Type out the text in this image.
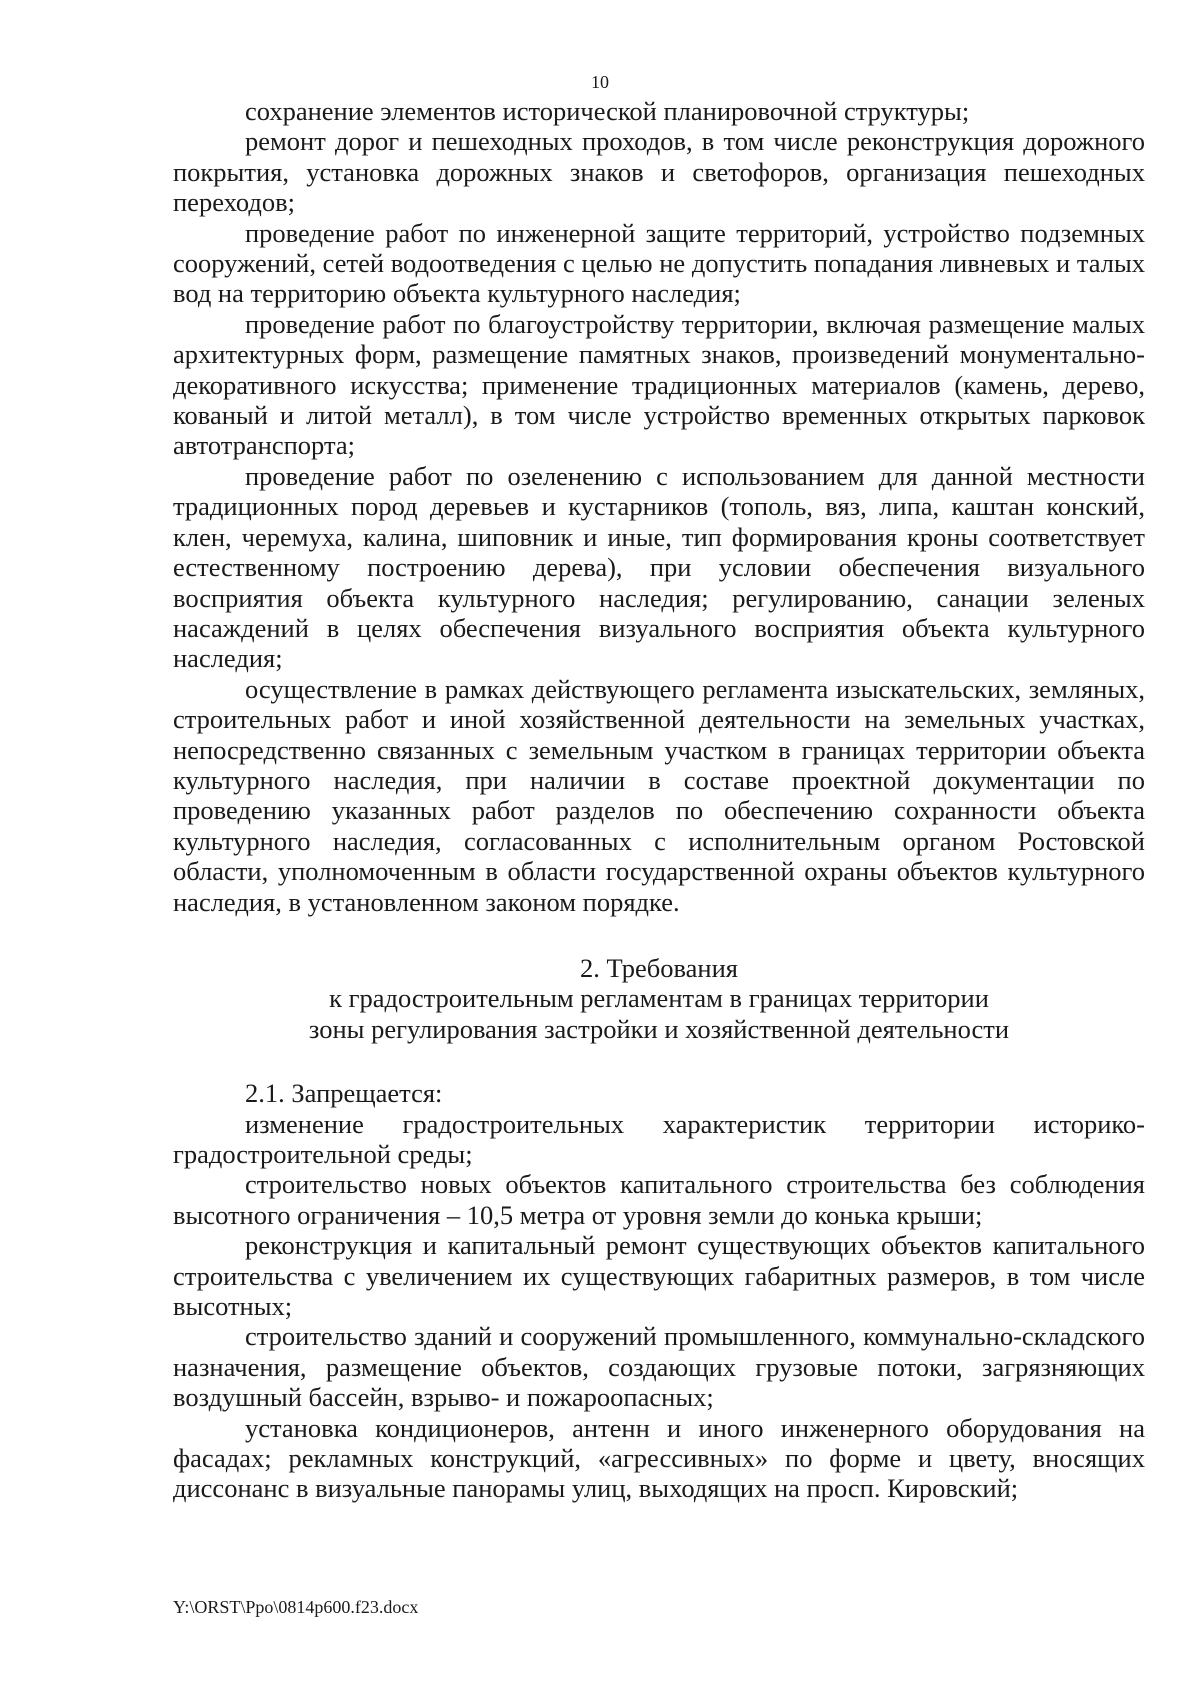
10

сохранение элементов исторической планировочной структуры;

ремонт дорог и пешеходных проходов, в том числе реконструкция дорожного покрытия, установка дорожных знаков и светофоров, организация пешеходных переходов;

проведение работ по инженерной защите территорий, устройство подземных сооружений, сетей водоотведения с целью не допустить попадания ливневых и талых вод на территорию объекта культурного наследия;

проведение работ по благоустройству территории, включая размещение малых архитектурных форм, размещение памятных знаков, произведений монументально-декоративного искусства; применение традиционных материалов (камень, дерево, кованый и литой металл), в том числе устройство временных открытых парковок автотранспорта;

проведение работ по озеленению с использованием для данной местности традиционных пород деревьев и кустарников (тополь, вяз, липа, каштан конский, клен, черемуха, калина, шиповник и иные, тип формирования кроны соответствует естественному построению дерева), при условии обеспечения визуального восприятия объекта культурного наследия; регулированию, санации зеленых насаждений в целях обеспечения визуального восприятия объекта культурного наследия;

осуществление в рамках действующего регламента изыскательских, земляных, строительных работ и иной хозяйственной деятельности на земельных участках, непосредственно связанных с земельным участком в границах территории объекта культурного наследия, при наличии в составе проектной документации по проведению указанных работ разделов по обеспечению сохранности объекта культурного наследия, согласованных с исполнительным органом Ростовской области, уполномоченным в области государственной охраны объектов культурного наследия, в установленном законом порядке.

2. Требования
к градостроительным регламентам в границах территории
зоны регулирования застройки и хозяйственной деятельности

2.1. Запрещается:

изменение градостроительных характеристик территории историко-градостроительной среды;

строительство новых объектов капитального строительства без соблюдения высотного ограничения – 10,5 метра от уровня земли до конька крыши;

реконструкция и капитальный ремонт существующих объектов капитального строительства с увеличением их существующих габаритных размеров, в том числе высотных;

строительство зданий и сооружений промышленного, коммунально-складского назначения, размещение объектов, создающих грузовые потоки, загрязняющих воздушный бассейн, взрыво- и пожароопасных;

установка кондиционеров, антенн и иного инженерного оборудования на фасадах; рекламных конструкций, «агрессивных» по форме и цвету, вносящих диссонанс в визуальные панорамы улиц, выходящих на просп. Кировский;

Y:\ORST\Ppo\0814p600.f23.docx
